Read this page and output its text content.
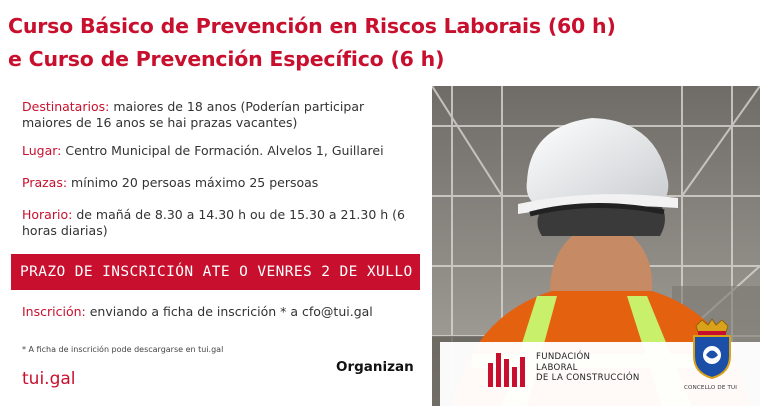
Curso Básico de Prevención en Riscos Laborais (60 h)
e Curso de Prevención Específico (6 h)
Destinatarios: maiores de 18 anos (Poderían participar
maiores de 16 anos se hai prazas vacantes)
Lugar: Centro Municipal de Formación. Alvelos 1, Guillarei
Prazas: mínimo 20 persoas máximo 25 persoas
Horario: de mañá de 8.30 a 14.30 h ou de 15.30 a 21.30 h (6
horas diarias)
PRAZO DE INSCRICIÓN ATE O VENRES 2 DE XULLO
Inscrición: enviando a ficha de inscrición * a cfo@tui.gal
* A ficha de inscrición pode descargarse en tui.gal
tui.gal
Organizan
FUNDACIÓN
LABORAL
DE LA CONSTRUCCIÓN
CONCELLO DE TUI
